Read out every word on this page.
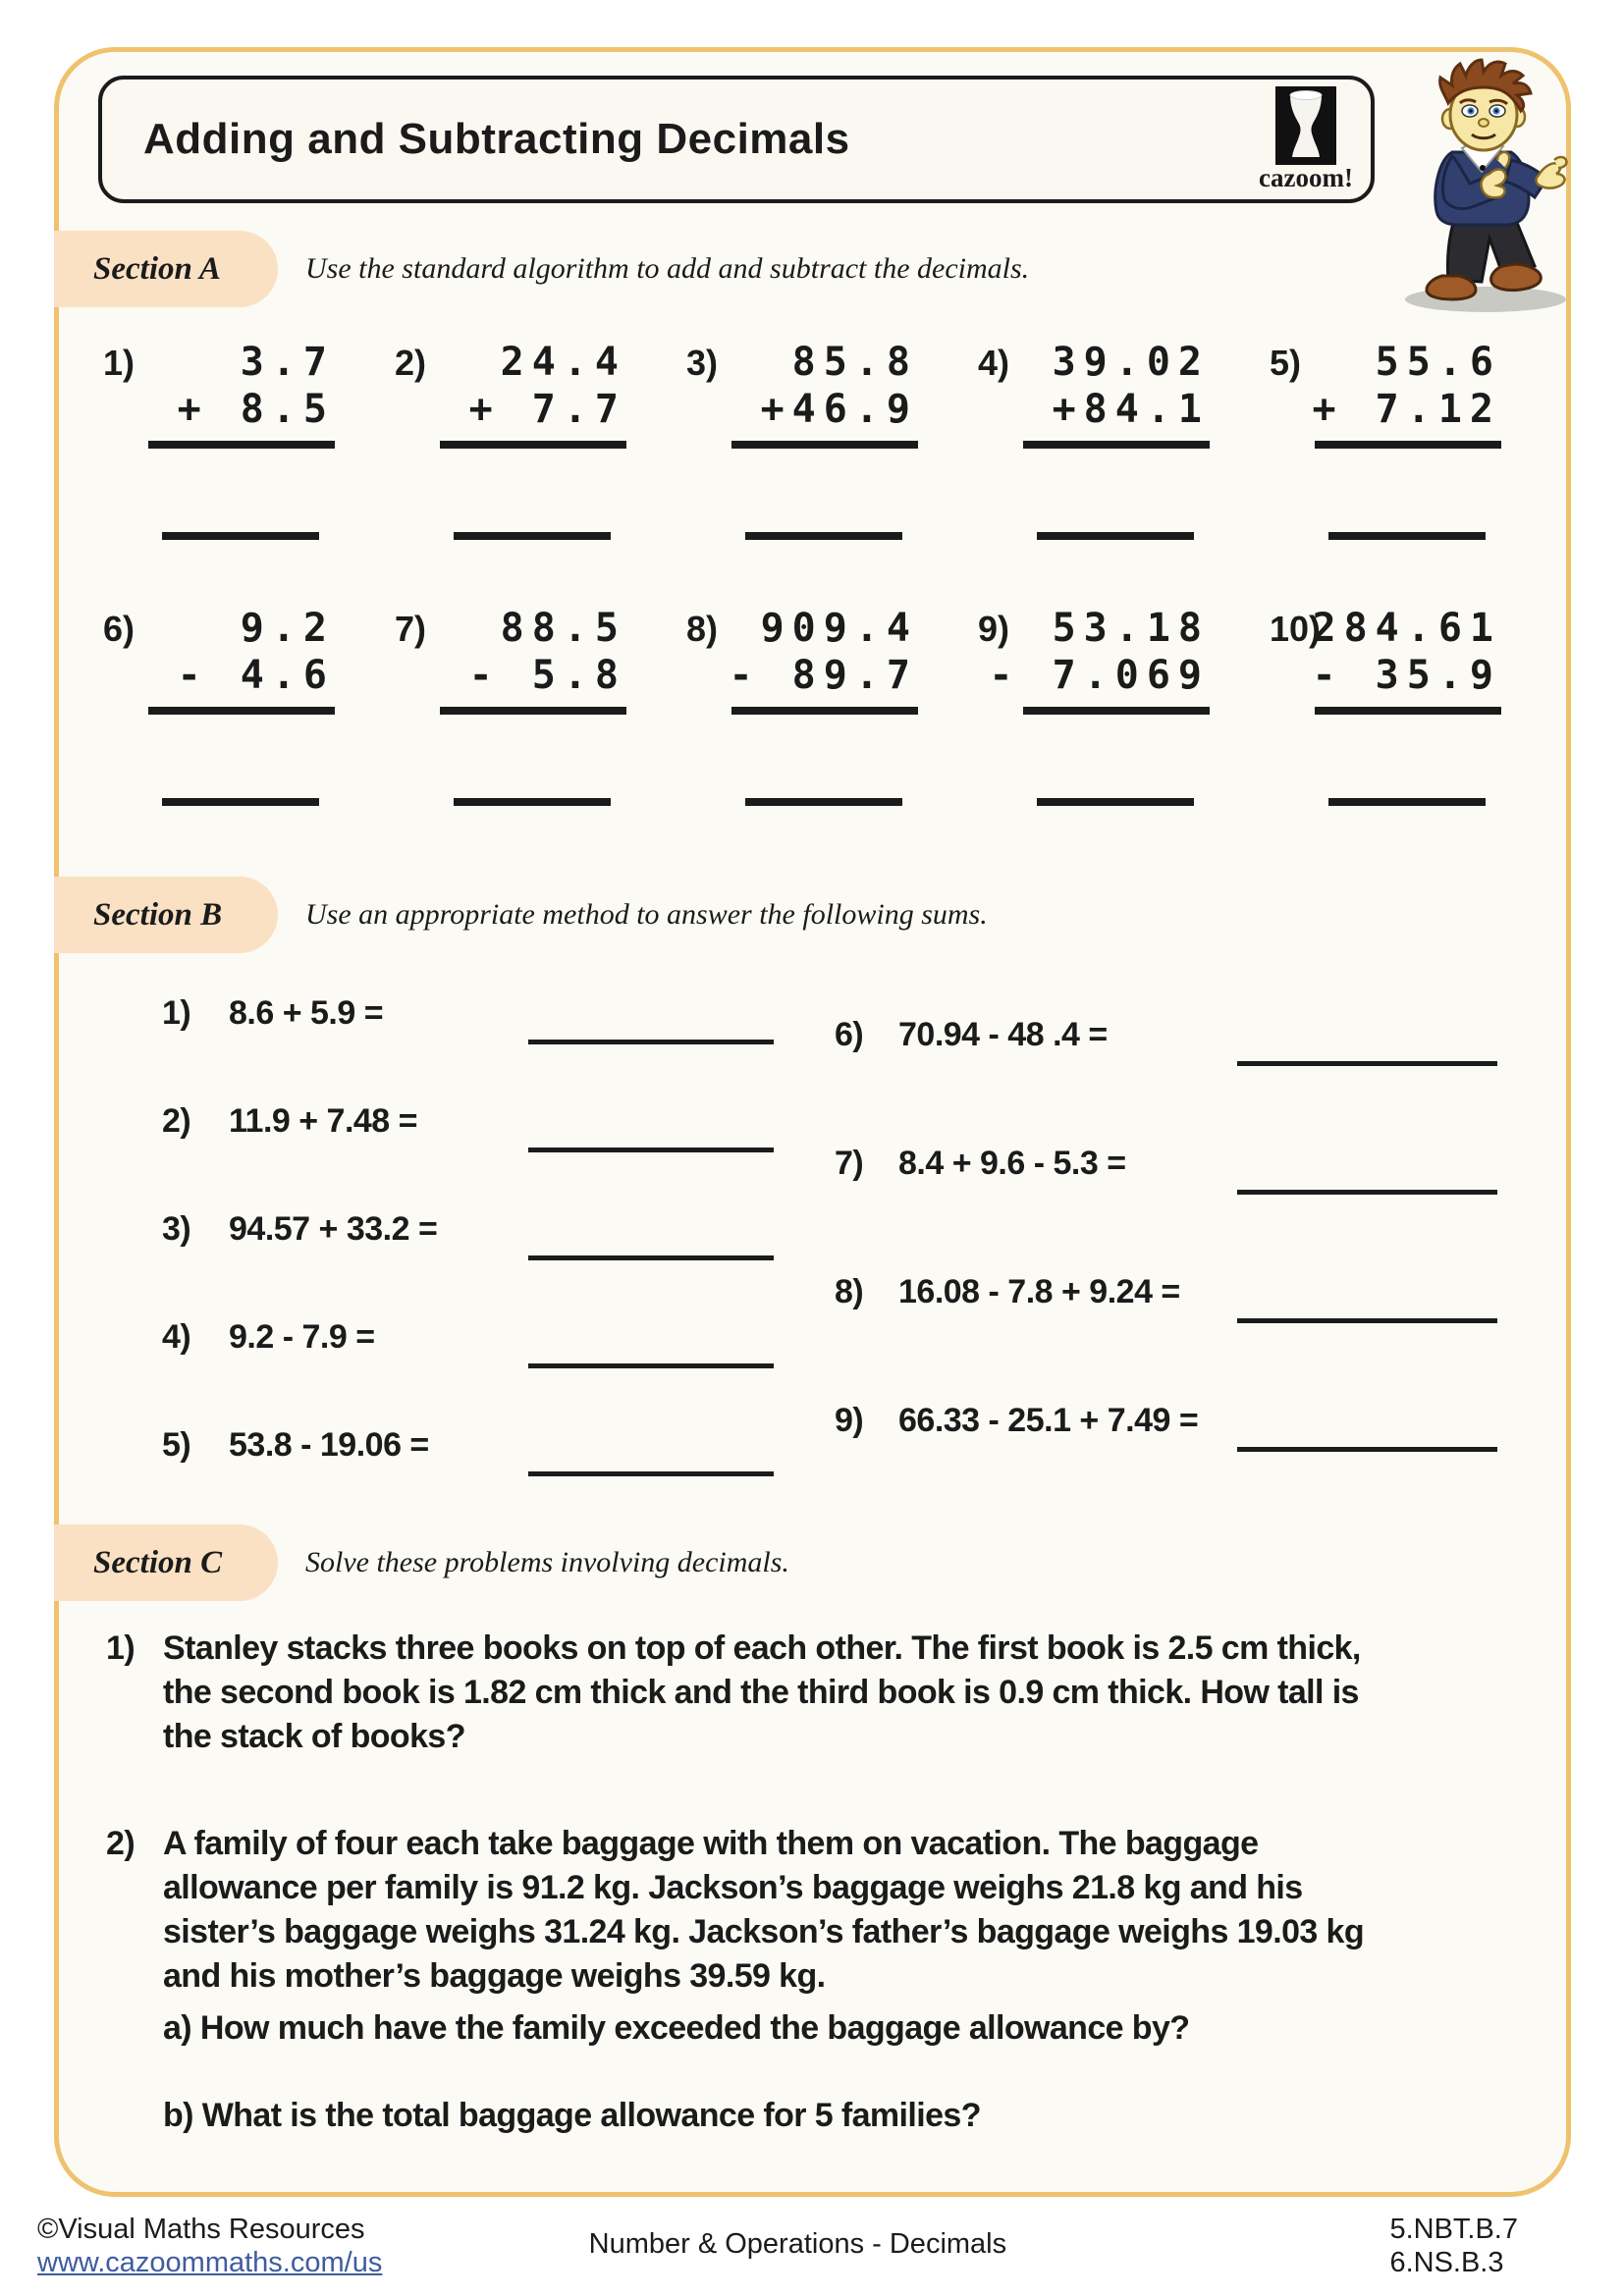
Adding and Subtracting Decimals
cazoom!
Section A	Use the standard algorithm to add and subtract the decimals.
1)	3.7
+ 8.5
2)	24.4
+ 7.7
3)	85.8
+46.9
4)	39.02
+84.1
5)	55.6
+ 7.12
6)	9.2
- 4.6
7)	88.5
- 5.8
8)	909.4
- 89.7
9)	53.18
- 7.069
10)
284.61
- 35.9
Section B	Use an appropriate method to answer the following sums.
1)	8.6 + 5.9 =
2)	11.9 + 7.48 =
3)	94.57 + 33.2 =
4)	9.2 - 7.9 =
5)	53.8 - 19.06 =
6)	70.94 - 48 .4 =
7)	8.4 + 9.6 - 5.3 =
8)	16.08 - 7.8 + 9.24 =
9)	66.33 - 25.1 + 7.49 =
Section C	Solve these problems involving decimals.
1) Stanley stacks three books on top of each other. The first book is 2.5 cm thick,
the second book is 1.82 cm thick and the third book is 0.9 cm thick. How tall is
the stack of books?
2) A family of four each take baggage with them on vacation. The baggage
allowance per family is 91.2 kg. Jackson’s baggage weighs 21.8 kg and his
sister’s baggage weighs 31.24 kg. Jackson’s father’s baggage weighs 19.03 kg
and his mother’s baggage weighs 39.59 kg.
a) How much have the family exceeded the baggage allowance by?
b) What is the total baggage allowance for 5 families?
©Visual Maths Resources
www.cazoommaths.com/us
Number & Operations - Decimals	5.NBT.B.7
6.NS.B.3
